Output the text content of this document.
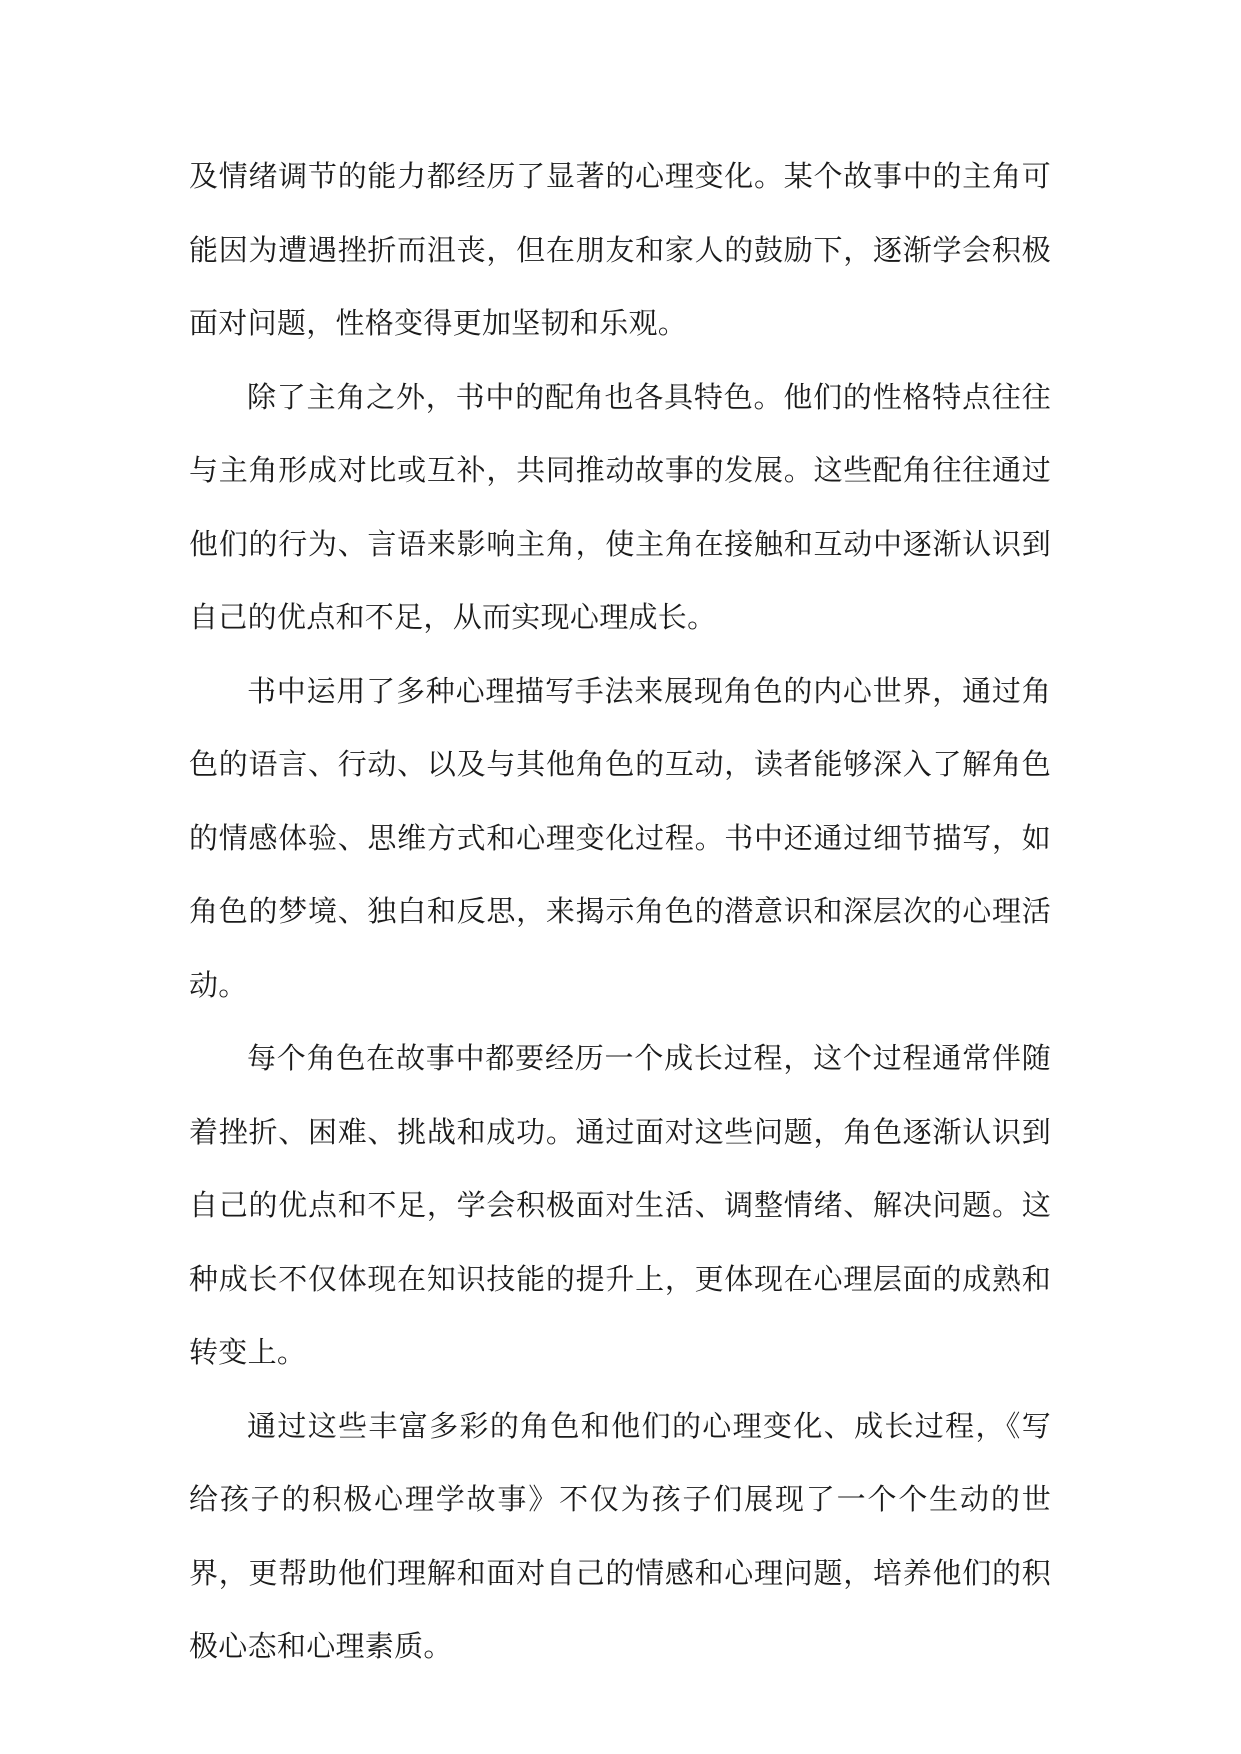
及情绪调节的能力都经历了显著的心理变化。某个故事中的主角可能因为遭遇挫折而沮丧，但在朋友和家人的鼓励下，逐渐学会积极面对问题，性格变得更加坚韧和乐观。

除了主角之外，书中的配角也各具特色。他们的性格特点往往与主角形成对比或互补，共同推动故事的发展。这些配角往往通过他们的行为、言语来影响主角，使主角在接触和互动中逐渐认识到自己的优点和不足，从而实现心理成长。

书中运用了多种心理描写手法来展现角色的内心世界，通过角色的语言、行动、以及与其他角色的互动，读者能够深入了解角色的情感体验、思维方式和心理变化过程。书中还通过细节描写，如角色的梦境、独白和反思，来揭示角色的潜意识和深层次的心理活动。

每个角色在故事中都要经历一个成长过程，这个过程通常伴随着挫折、困难、挑战和成功。通过面对这些问题，角色逐渐认识到自己的优点和不足，学会积极面对生活、调整情绪、解决问题。这种成长不仅体现在知识技能的提升上，更体现在心理层面的成熟和转变上。

通过这些丰富多彩的角色和他们的心理变化、成长过程，《写给孩子的积极心理学故事》不仅为孩子们展现了一个个生动的世界，更帮助他们理解和面对自己的情感和心理问题，培养他们的积极心态和心理素质。
